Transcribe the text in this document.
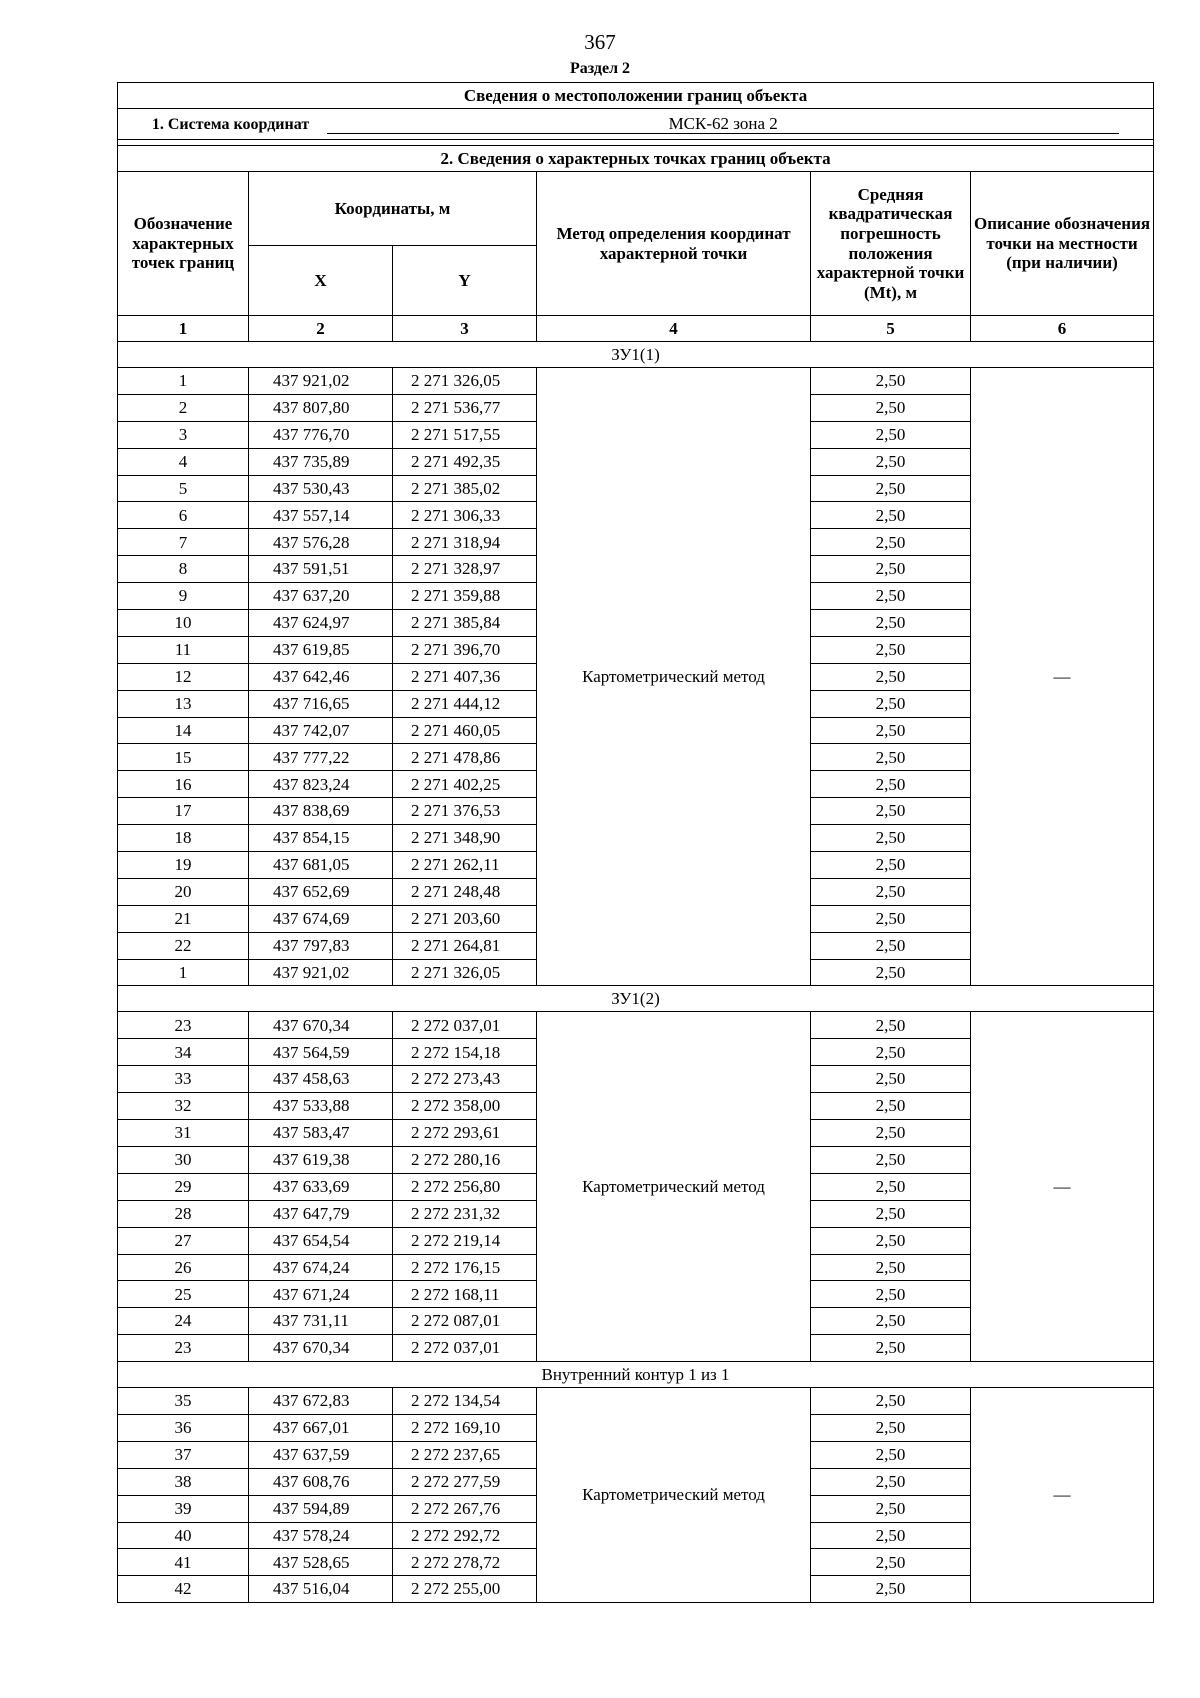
367
Раздел 2
Сведения о местоположении границ объекта					
1. Система координат МСК-62 зона 2					

2. Сведения о характерных точках границ объекта					
Обозначение характерных точек границ	Координаты, м		Метод определения координат характерной точки	Средняя квадратическая погрешность положения характерной точки (Mt), м	Описание обозначения точки на местности (при наличии)
	X	Y			
1	2	3	4	5	6
ЗУ1(1)					
1	437 921,02	2 271 326,05	Картометрический метод	2,50	—
2	437 807,80	2 271 536,77		2,50	
3	437 776,70	2 271 517,55		2,50	
4	437 735,89	2 271 492,35		2,50	
5	437 530,43	2 271 385,02		2,50	
6	437 557,14	2 271 306,33		2,50	
7	437 576,28	2 271 318,94		2,50	
8	437 591,51	2 271 328,97		2,50	
9	437 637,20	2 271 359,88		2,50	
10	437 624,97	2 271 385,84		2,50	
11	437 619,85	2 271 396,70		2,50	
12	437 642,46	2 271 407,36		2,50	
13	437 716,65	2 271 444,12		2,50	
14	437 742,07	2 271 460,05		2,50	
15	437 777,22	2 271 478,86		2,50	
16	437 823,24	2 271 402,25		2,50	
17	437 838,69	2 271 376,53		2,50	
18	437 854,15	2 271 348,90		2,50	
19	437 681,05	2 271 262,11		2,50	
20	437 652,69	2 271 248,48		2,50	
21	437 674,69	2 271 203,60		2,50	
22	437 797,83	2 271 264,81		2,50	
1	437 921,02	2 271 326,05		2,50	
ЗУ1(2)					
23	437 670,34	2 272 037,01	Картометрический метод	2,50	—
34	437 564,59	2 272 154,18		2,50	
33	437 458,63	2 272 273,43		2,50	
32	437 533,88	2 272 358,00		2,50	
31	437 583,47	2 272 293,61		2,50	
30	437 619,38	2 272 280,16		2,50	
29	437 633,69	2 272 256,80		2,50	
28	437 647,79	2 272 231,32		2,50	
27	437 654,54	2 272 219,14		2,50	
26	437 674,24	2 272 176,15		2,50	
25	437 671,24	2 272 168,11		2,50	
24	437 731,11	2 272 087,01		2,50	
23	437 670,34	2 272 037,01		2,50	
Внутренний контур 1 из 1					
35	437 672,83	2 272 134,54	Картометрический метод	2,50	—
36	437 667,01	2 272 169,10		2,50	
37	437 637,59	2 272 237,65		2,50	
38	437 608,76	2 272 277,59		2,50	
39	437 594,89	2 272 267,76		2,50	
40	437 578,24	2 272 292,72		2,50	
41	437 528,65	2 272 278,72		2,50	
42	437 516,04	2 272 255,00		2,50	
